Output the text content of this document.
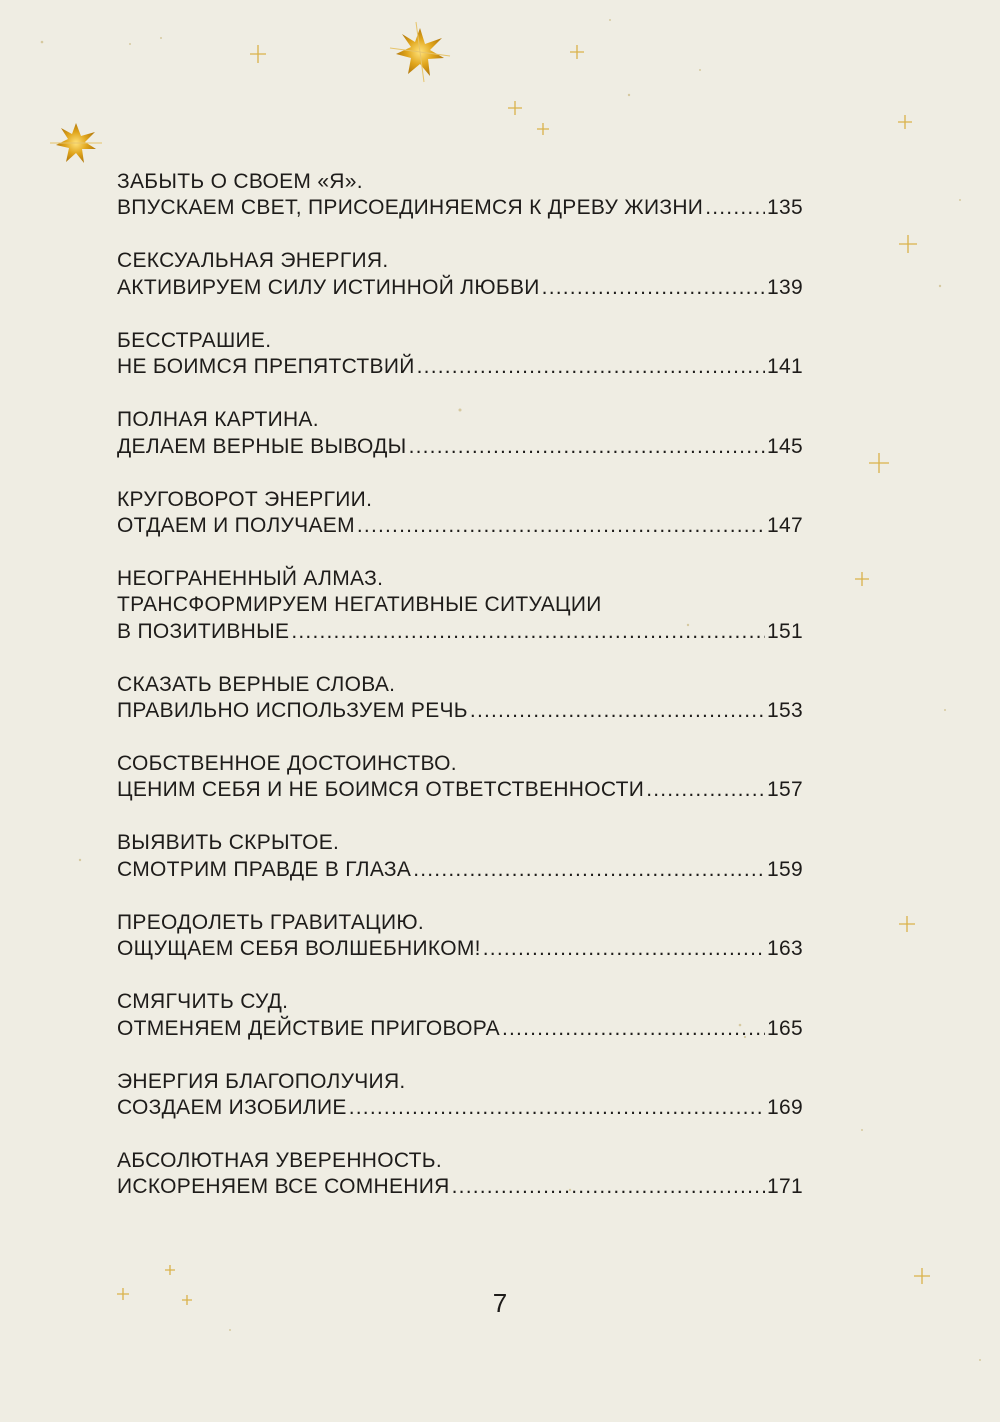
ЗАБЫТЬ О СВОЕМ «Я».
ВПУСКАЕМ СВЕТ, ПРИСОЕДИНЯЕМСЯ К ДРЕВУ ЖИЗНИ .....	135
СЕКСУАЛЬНАЯ ЭНЕРГИЯ.
АКТИВИРУЕМ СИЛУ ИСТИННОЙ ЛЮБВИ .....	139
БЕССТРАШИЕ.
НЕ БОИМСЯ ПРЕПЯТСТВИЙ .....	141
ПОЛНАЯ КАРТИНА.
ДЕЛАЕМ ВЕРНЫЕ ВЫВОДЫ .....	145
КРУГОВОРОТ ЭНЕРГИИ.
ОТДАЕМ И ПОЛУЧАЕМ .....	147
НЕОГРАНЕННЫЙ АЛМАЗ.
ТРАНСФОРМИРУЕМ НЕГАТИВНЫЕ СИТУАЦИИ
В ПОЗИТИВНЫЕ .....	151
СКАЗАТЬ ВЕРНЫЕ СЛОВА.
ПРАВИЛЬНО ИСПОЛЬЗУЕМ РЕЧЬ .....	153
СОБСТВЕННОЕ ДОСТОИНСТВО.
ЦЕНИМ СЕБЯ И НЕ БОИМСЯ ОТВЕТСТВЕННОСТИ .....	157
ВЫЯВИТЬ СКРЫТОЕ.
СМОТРИМ ПРАВДЕ В ГЛАЗА .....	159
ПРЕОДОЛЕТЬ ГРАВИТАЦИЮ.
ОЩУЩАЕМ СЕБЯ ВОЛШЕБНИКОМ! .....	163
СМЯГЧИТЬ СУД.
ОТМЕНЯЕМ ДЕЙСТВИЕ ПРИГОВОРА .....	165
ЭНЕРГИЯ БЛАГОПОЛУЧИЯ.
СОЗДАЕМ ИЗОБИЛИЕ .....	169
АБСОЛЮТНАЯ УВЕРЕННОСТЬ.
ИСКОРЕНЯЕМ ВСЕ СОМНЕНИЯ .....	171
7
